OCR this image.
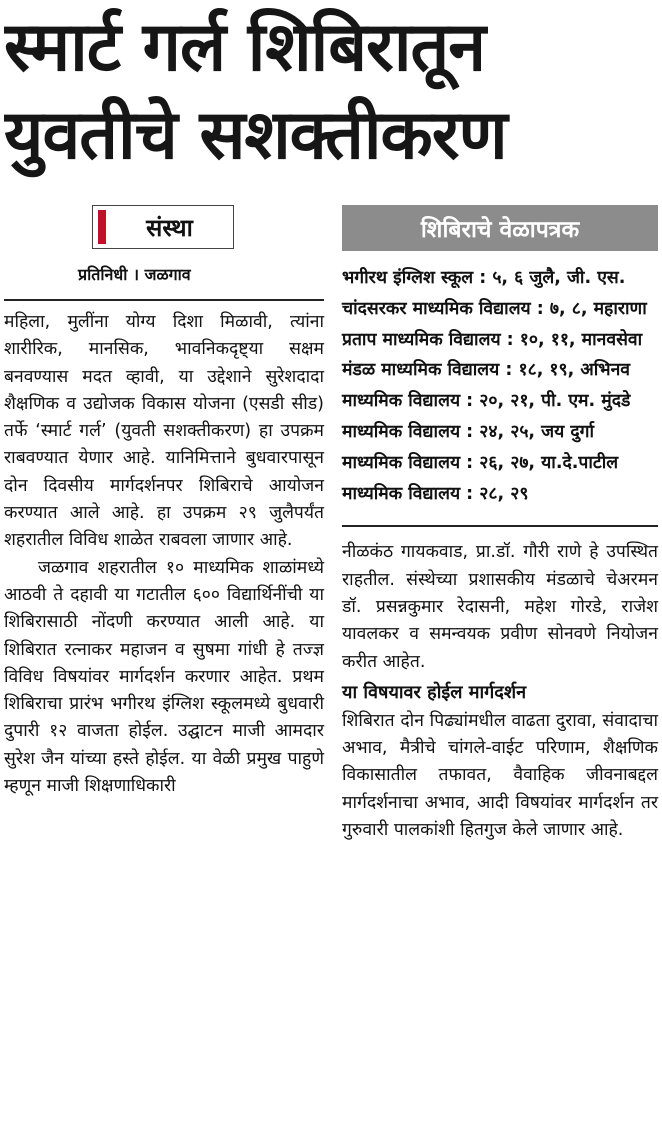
स्मार्ट गर्ल शिबिरातून
युवतीचे सशक्तीकरण
संस्था
प्रतिनिधी । जळगाव

महिला, मुलींना योग्य दिशा मिळावी, त्यांना शारीरिक, मानसिक, भावनिकदृष्ट्या सक्षम बनवण्यास मदत व्हावी, या उद्देशाने सुरेशदादा शैक्षणिक व उद्योजक विकास योजना (एसडी सीड) तर्फे ‘स्मार्ट गर्ल’ (युवती सशक्तीकरण) हा उपक्रम राबवण्यात येणार आहे. यानिमित्ताने बुधवारपासून दोन दिवसीय मार्गदर्शनपर शिबिराचे आयोजन करण्यात आले आहे. हा उपक्रम २९ जुलैपर्यंत शहरातील विविध शाळेत राबवला जाणार आहे.

जळगाव शहरातील १० माध्यमिक शाळांमध्ये आठवी ते दहावी या गटातील ६०० विद्यार्थिनींची या शिबिरासाठी नोंदणी करण्यात आली आहे. या शिबिरात रत्नाकर महाजन व सुषमा गांधी हे तज्ज्ञ विविध विषयांवर मार्गदर्शन करणार आहेत. प्रथम शिबिराचा प्रारंभ भगीरथ इंग्लिश स्कूलमध्ये बुधवारी दुपारी १२ वाजता होईल. उद्घाटन माजी आमदार सुरेश जैन यांच्या हस्ते होईल. या वेळी प्रमुख पाहुणे म्हणून माजी शिक्षणाधिकारी

शिबिराचे वेळापत्रक
भगीरथ इंग्लिश स्कूल : ५, ६ जुलै, जी. एस. चांदसरकर माध्यमिक विद्यालय : ७, ८, महाराणा प्रताप माध्यमिक विद्यालय : १०, ११, मानवसेवा मंडळ माध्यमिक विद्यालय : १८, १९, अभिनव माध्यमिक विद्यालय : २०, २१, पी. एम. मुंदडे माध्यमिक विद्यालय : २४, २५, जय दुर्गा माध्यमिक विद्यालय : २६, २७, या.दे.पाटील माध्यमिक विद्यालय : २८, २९

नीळकंठ गायकवाड, प्रा.डॉ. गौरी राणे हे उपस्थित राहतील. संस्थेच्या प्रशासकीय मंडळाचे चेअरमन डॉ. प्रसन्नकुमार रेदासनी, महेश गोरडे, राजेश यावलकर व समन्वयक प्रवीण सोनवणे नियोजन करीत आहेत.

या विषयावर होईल मार्गदर्शन

शिबिरात दोन पिढ्यांमधील वाढता दुरावा, संवादाचा अभाव, मैत्रीचे चांगले-वाईट परिणाम, शैक्षणिक विकासातील तफावत, वैवाहिक जीवनाबद्दल मार्गदर्शनाचा अभाव, आदी विषयांवर मार्गदर्शन तर गुरुवारी पालकांशी हितगुज केले जाणार आहे.
